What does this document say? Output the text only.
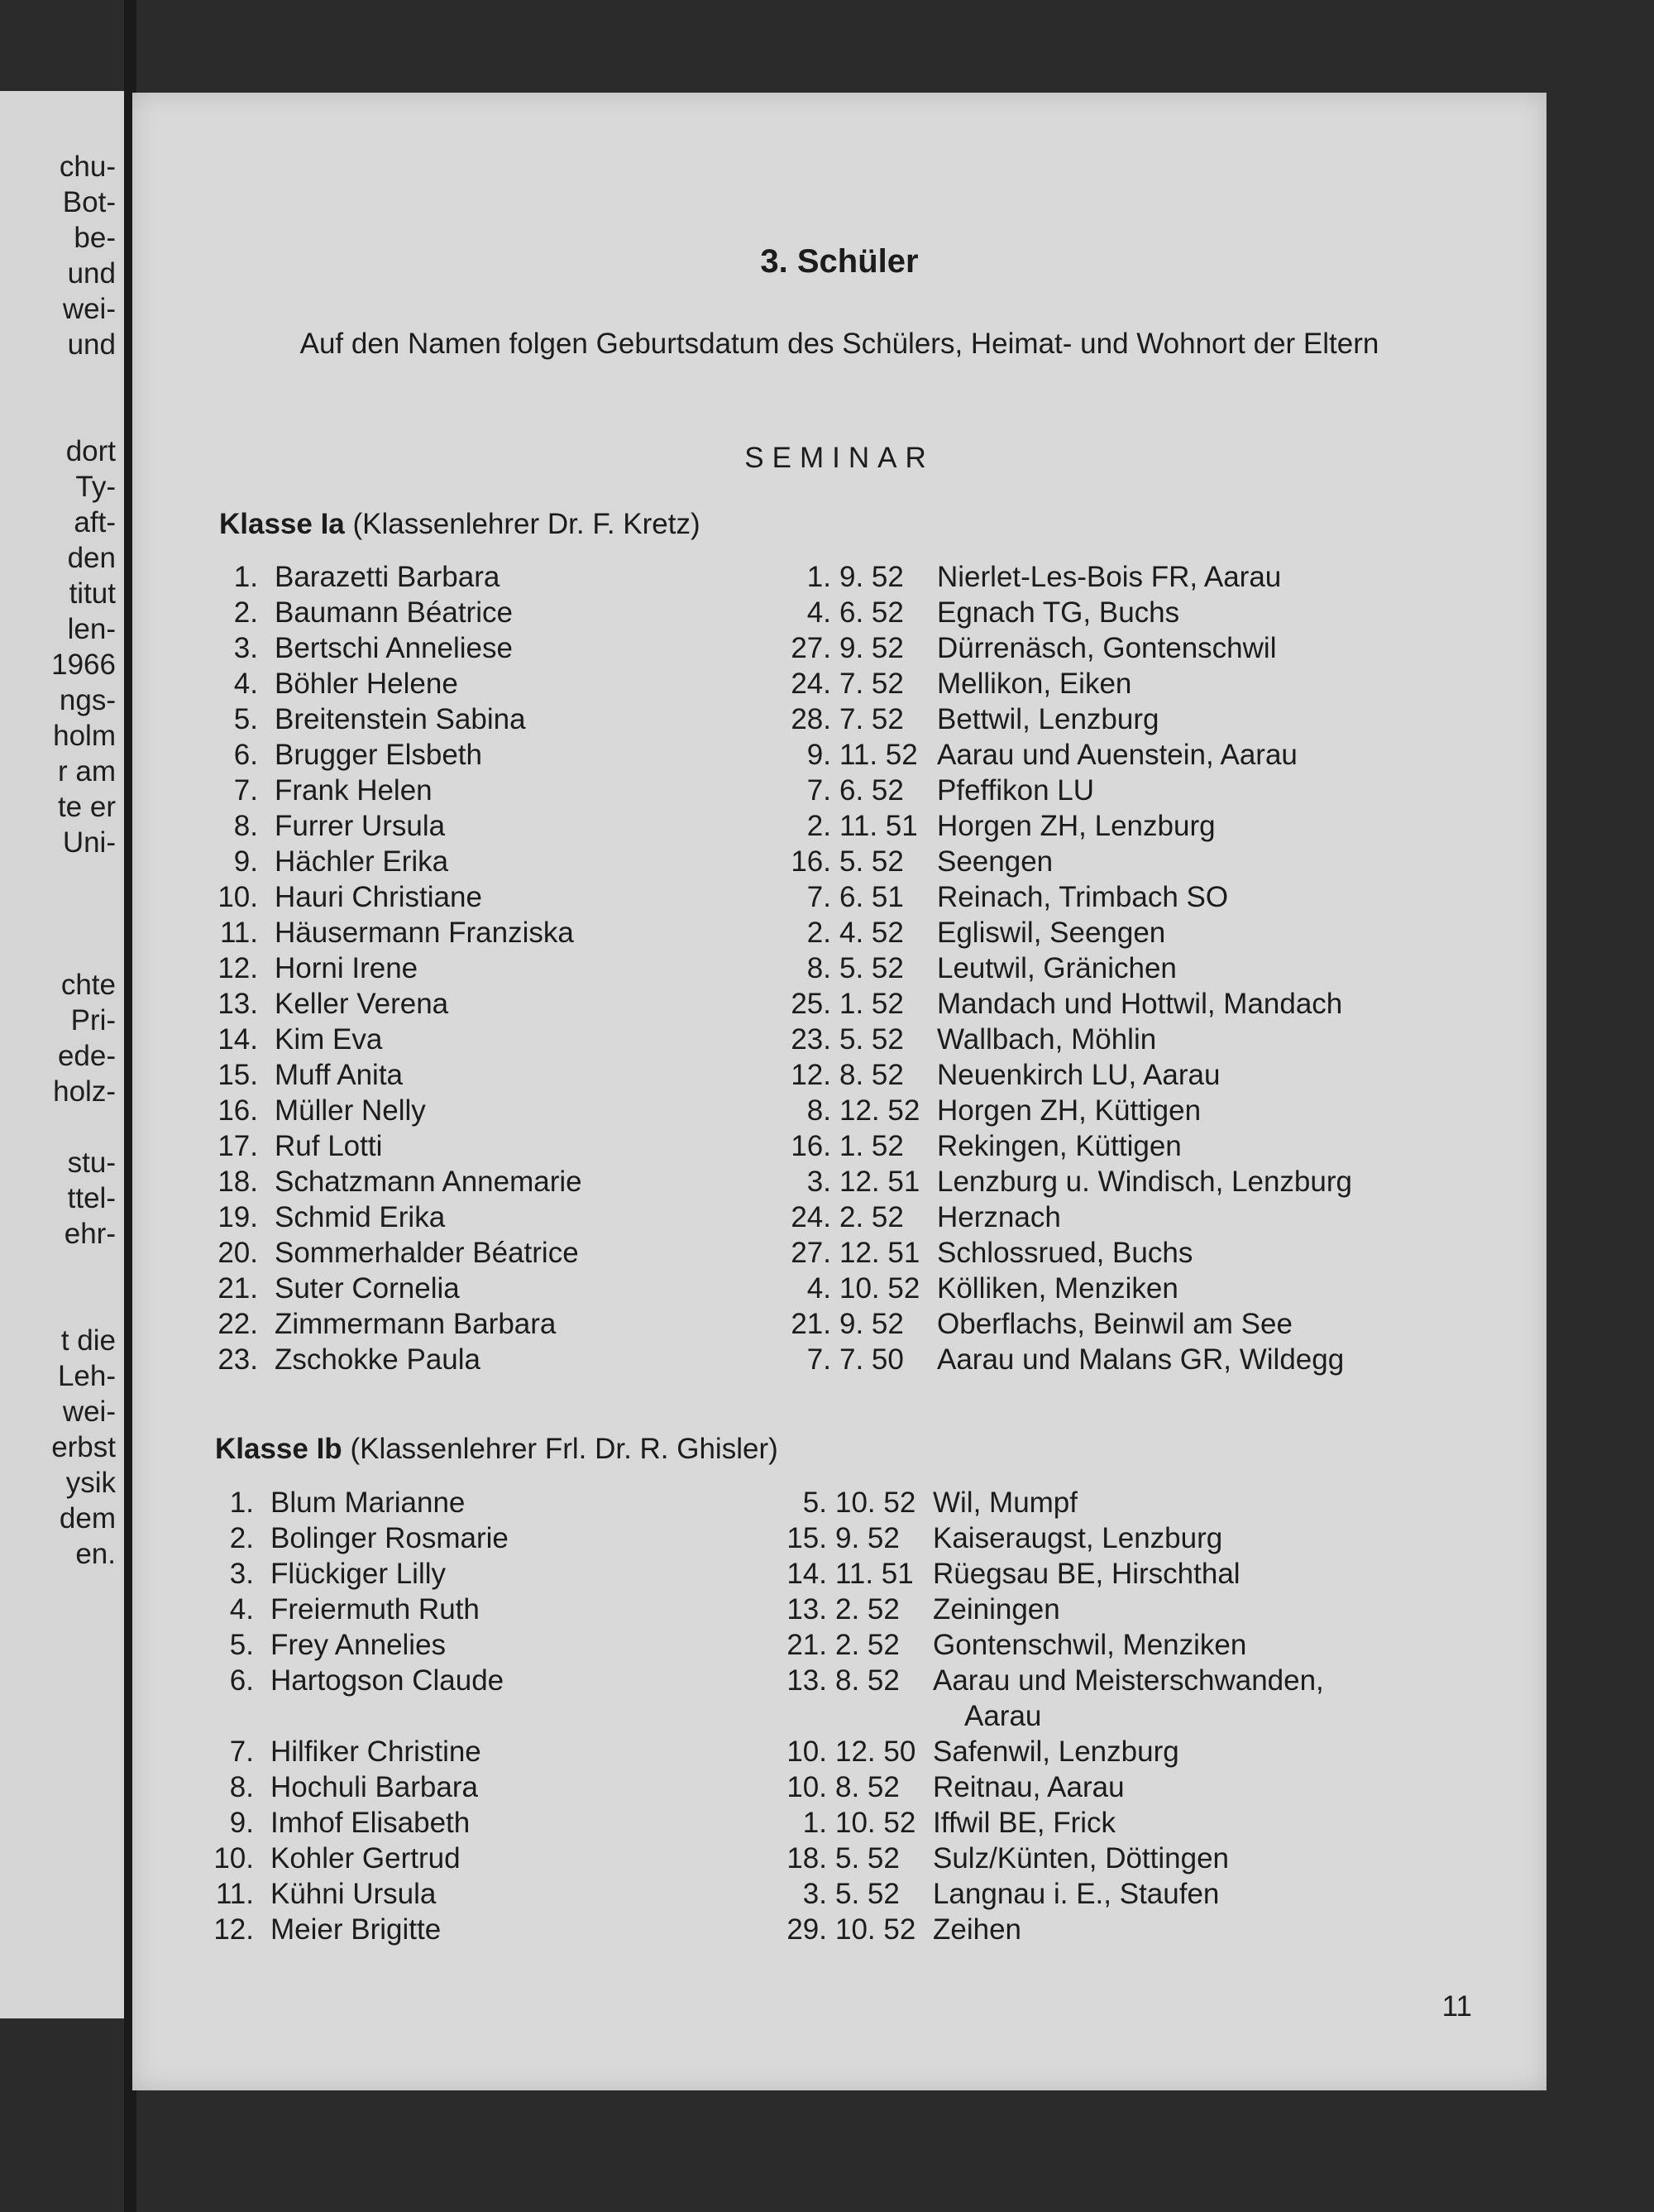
chu-
Bot-
be-
und
wei-
und
dort
Ty-
aft-
den
titut
len-
1966
ngs-
holm
r am
te er
Uni-
chte
Pri-
ede-
holz-
stu-
ttel-
ehr-
t die
Leh-
wei-
erbst
ysik
dem
en.
3. Schüler
Auf den Namen folgen Geburtsdatum des Schülers, Heimat- und Wohnort der Eltern
SEMINAR
Klasse Ia (Klassenlehrer Dr. F. Kretz)
1. Barazetti Barbara	1. 9. 52	Nierlet-Les-Bois FR, Aarau
2. Baumann Béatrice	4. 6. 52	Egnach TG, Buchs
3. Bertschi Anneliese	27. 9. 52	Dürrenäsch, Gontenschwil
4. Böhler Helene	24. 7. 52	Mellikon, Eiken
5. Breitenstein Sabina	28. 7. 52	Bettwil, Lenzburg
6. Brugger Elsbeth	9. 11. 52 Aarau und Auenstein, Aarau
7. Frank Helen	7. 6. 52	Pfeffikon LU
8. Furrer Ursula	2. 11. 51 Horgen ZH, Lenzburg
9. Hächler Erika	16. 5. 52	Seengen
10. Hauri Christiane	7. 6. 51	Reinach, Trimbach SO
11. Häusermann Franziska	2. 4. 52	Egliswil, Seengen
12. Horni Irene	8. 5. 52	Leutwil, Gränichen
13. Keller Verena	25. 1. 52	Mandach und Hottwil, Mandach
14. Kim Eva	23. 5. 52	Wallbach, Möhlin
15. Muff Anita	12. 8. 52	Neuenkirch LU, Aarau
16. Müller Nelly	8. 12. 52 Horgen ZH, Küttigen
17. Ruf Lotti	16. 1. 52	Rekingen, Küttigen
18. Schatzmann Annemarie	3. 12. 51 Lenzburg u. Windisch, Lenzburg
19. Schmid Erika	24. 2. 52	Herznach
20. Sommerhalder Béatrice	27. 12. 51 Schlossrued, Buchs
21. Suter Cornelia	4. 10. 52 Kölliken, Menziken
22. Zimmermann Barbara	21. 9. 52	Oberflachs, Beinwil am See
23. Zschokke Paula	7. 7. 50	Aarau und Malans GR, Wildegg
Klasse Ib (Klassenlehrer Frl. Dr. R. Ghisler)
1. Blum Marianne	5. 10. 52 Wil, Mumpf
2. Bolinger Rosmarie	15. 9. 52	Kaiseraugst, Lenzburg
3. Flückiger Lilly	14. 11. 51 Rüegsau BE, Hirschthal
4. Freiermuth Ruth	13. 2. 52	Zeiningen
5. Frey Annelies	21. 2. 52	Gontenschwil, Menziken
6. Hartogson Claude	13. 8. 52	Aarau und Meisterschwanden,
Aarau
7. Hilfiker Christine	10. 12. 50 Safenwil, Lenzburg
8. Hochuli Barbara	10. 8. 52	Reitnau, Aarau
9. Imhof Elisabeth	1. 10. 52 Iffwil BE, Frick
10. Kohler Gertrud	18. 5. 52	Sulz/Künten, Döttingen
11. Kühni Ursula	3. 5. 52	Langnau i. E., Staufen
12. Meier Brigitte	29. 10. 52 Zeihen
11
